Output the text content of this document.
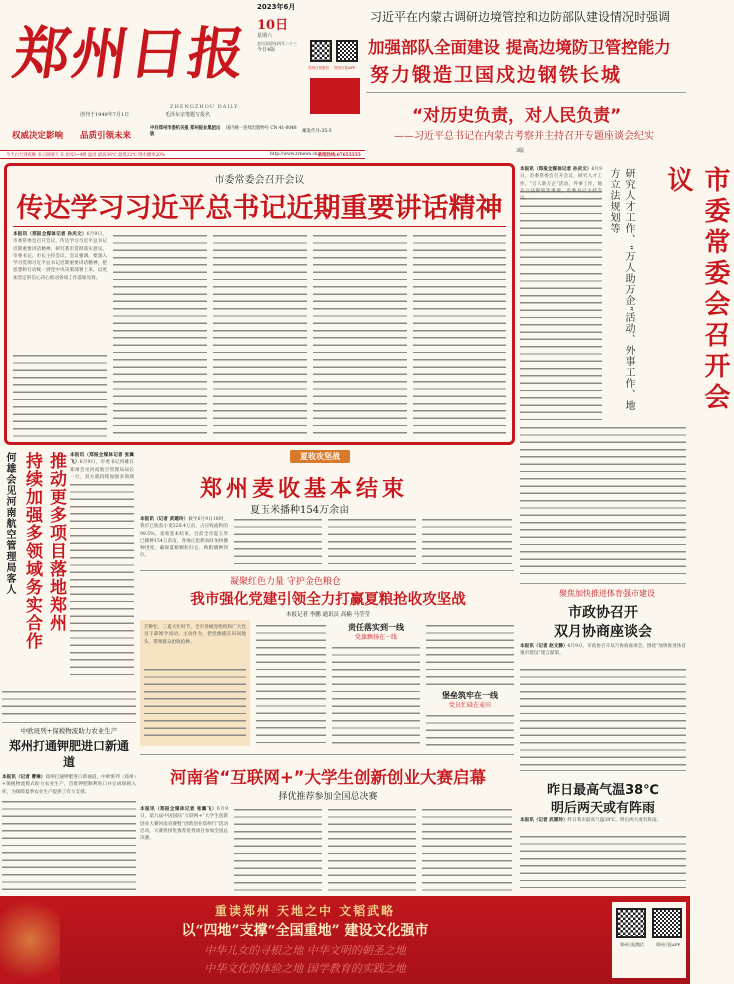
郑州日报
ZHENGZHOU DAILY
创刊于1949年7月1日	毛泽东亲笔题写报名
2023年6月
10日
星期六
农历癸卯年四月二十三
今日4版
郑州日报微信 郑州日报APP
权威决定影响 品质引领未来
中共郑州市委机关报 郑州报业集团出版
国内统一连续出版物号 CN 41-0048
邮发代号:35-3
今天白天到夜晚 多云间晴天 东北风3~4级 温度 最高36℃ 最低22℃ 降水概率20%	http://www.zynews.cn 新闻热线:67655555
习近平在内蒙古调研边境管控和边防部队建设情况时强调
加强部队全面建设 提高边境防卫管控能力
努力锻造卫国戍边钢铁长城
“对历史负责，对人民负责”
——习近平总书记在内蒙古考察并主持召开专题座谈会纪实
3版
市委常委会召开会议
传达学习习近平总书记近期重要讲话精神
本报讯（郑报全媒体记者 孙庆文）6月9日，市委常委会召开会议，传达学习习近平总书记近期重要讲话精神，研究我市贯彻落实意见。市委书记、市长主持会议。会议强调，要深入学习贯彻习近平总书记近期重要讲话精神，把思想和行动统一到党中央决策部署上来，以更加坚定的信心决心推动各项工作落地见效。
本报讯（郑报全媒体记者 孙庆文）6月9日，市委常委会召开会议，研究人才工作、“万人助万企”活动、外事工作、地方立法规划等事项。市委书记主持会议。	研究人才工作、“万人助万企”活动、外事工作、地方立法规划等	市委常委会召开会议
聚焦加快推进体育强市建设
市政协召开
双月协商座谈会
本报讯（记者 赵文静）6月9日，市政协召开双月协商座谈会，围绕“加快推进体育强市建设”建言献策。
昨日最高气温38℃
明后两天或有阵雨
本报讯（记者 武建玲）昨日我市最高气温38℃，明后两天或有阵雨。
何雄会见河南航空管理局客人 持续加强多领域务实合作 推动更多项目落地郑州 本报讯（郑报全媒体记者 张翼飞）6月9日，市委书记何雄在郑州会见河南航空管理局局长一行，双方就持续加强多领域
中欧班列+保税物流助力农业生产
郑州打通钾肥进口新通道
本报讯（记者 曹琳）郑州打通钾肥进口新通道，中欧班列（郑州）+保税物流模式助力农业生产，首批钾肥顺利进口并完成保税入库，为保障夏季农业生产提供了有力支撑。
夏收攻坚战
郑州麦收基本结束
夏玉米播种154万余亩
本报讯（记者 武建玲）截至6月9日18时，我市已收获小麦228.4万亩，占应收面积的99.5%，麦收基本结束。目前全市夏玉米已播种154万余亩，各地正抢抓农时加快播种进度，确保夏粮颗粒归仓、秋粮播种到位。
凝聚红色力量 守护金色粮仓
我市强化党建引领全力打赢夏粮抢收攻坚战
本报记者 李鹏 通讯员 高楠 马莹莹
芒种忙，三夏大忙时节，全市各级党组织和广大党员干部闻令而动、主动作为，把党旗插在田间地头，带领群众抢收抢种。
责任落实到一线
党旗飘扬在一线
堡垒筑牢在一线
党员忙碌在麦田
河南省“互联网+”大学生创新创业大赛启幕
择优推荐参加全国总决赛
本报讯（郑报全媒体记者 张翼飞）6月9日，第九届中国国际“互联网+”大学生创新创业大赛河南省赛暨“创新创业郑州行”活动启动，大赛将择优推荐优秀项目参加全国总决赛。
重读郑州 天地之中 文韬武略
以“四地”支撑“全国重地” 建设文化强市
中华儿女的寻根之地 中华文明的朝圣之地
中华文化的体验之地 国学教育的实践之地
郑州日报微信	郑州日报APP
